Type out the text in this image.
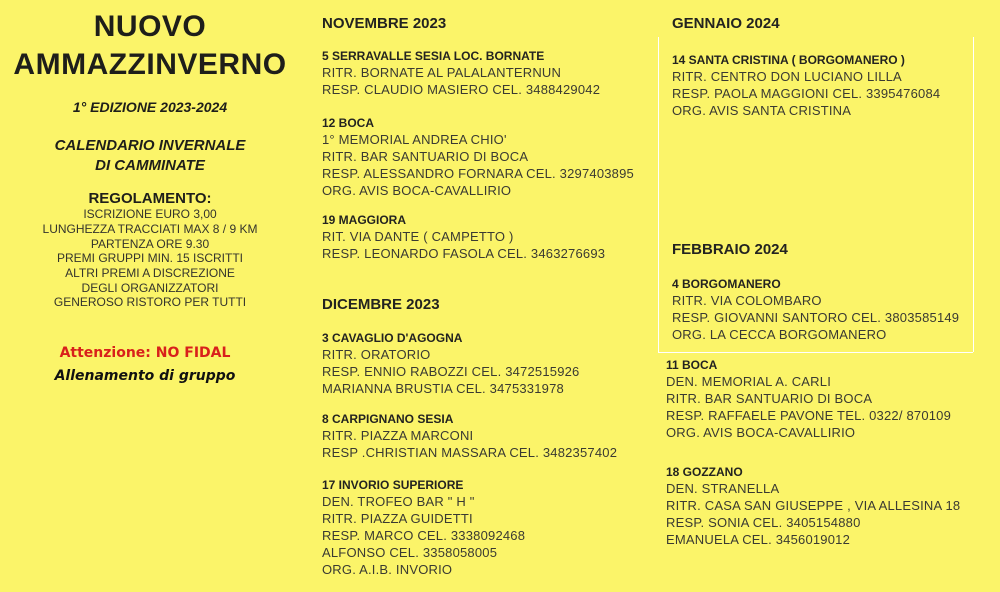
NUOVO
AMMAZZINVERNO
1° EDIZIONE 2023-2024
CALENDARIO INVERNALE
DI CAMMINATE
REGOLAMENTO:
ISCRIZIONE EURO 3,00
LUNGHEZZA TRACCIATI MAX 8 / 9 KM
PARTENZA ORE 9.30
PREMI GRUPPI MIN. 15 ISCRITTI
ALTRI PREMI A DISCREZIONE
DEGLI ORGANIZZATORI
GENEROSO RISTORO PER TUTTI
Attenzione: NO FIDAL
Allenamento di gruppo
NOVEMBRE 2023
5 SERRAVALLE SESIA LOC. BORNATE
RITR. BORNATE AL PALALANTERNUN
RESP. CLAUDIO MASIERO CEL. 3488429042
12 BOCA
1° MEMORIAL ANDREA CHIO'
RITR. BAR SANTUARIO DI BOCA
RESP. ALESSANDRO FORNARA CEL. 3297403895
ORG. AVIS BOCA-CAVALLIRIO
19 MAGGIORA
RIT. VIA DANTE ( CAMPETTO )
RESP. LEONARDO FASOLA CEL. 3463276693
DICEMBRE 2023
3 CAVAGLIO D'AGOGNA
RITR. ORATORIO
RESP. ENNIO RABOZZI CEL. 3472515926
MARIANNA BRUSTIA CEL. 3475331978
8 CARPIGNANO SESIA
RITR. PIAZZA MARCONI
RESP .CHRISTIAN MASSARA CEL. 3482357402
17 INVORIO SUPERIORE
DEN. TROFEO BAR " H "
RITR. PIAZZA GUIDETTI
RESP. MARCO CEL. 3338092468
ALFONSO CEL. 3358058005
ORG. A.I.B. INVORIO
GENNAIO 2024
14 SANTA CRISTINA ( BORGOMANERO )
RITR. CENTRO DON LUCIANO LILLA
RESP. PAOLA MAGGIONI CEL. 3395476084
ORG. AVIS SANTA CRISTINA
FEBBRAIO 2024
4 BORGOMANERO
RITR. VIA COLOMBARO
RESP. GIOVANNI SANTORO CEL. 3803585149
ORG. LA CECCA BORGOMANERO
11 BOCA
DEN. MEMORIAL A. CARLI
RITR. BAR SANTUARIO DI BOCA
RESP. RAFFAELE PAVONE TEL. 0322/ 870109
ORG. AVIS BOCA-CAVALLIRIO
18 GOZZANO
DEN. STRANELLA
RITR. CASA SAN GIUSEPPE , VIA ALLESINA 18
RESP. SONIA CEL. 3405154880
EMANUELA CEL. 3456019012
